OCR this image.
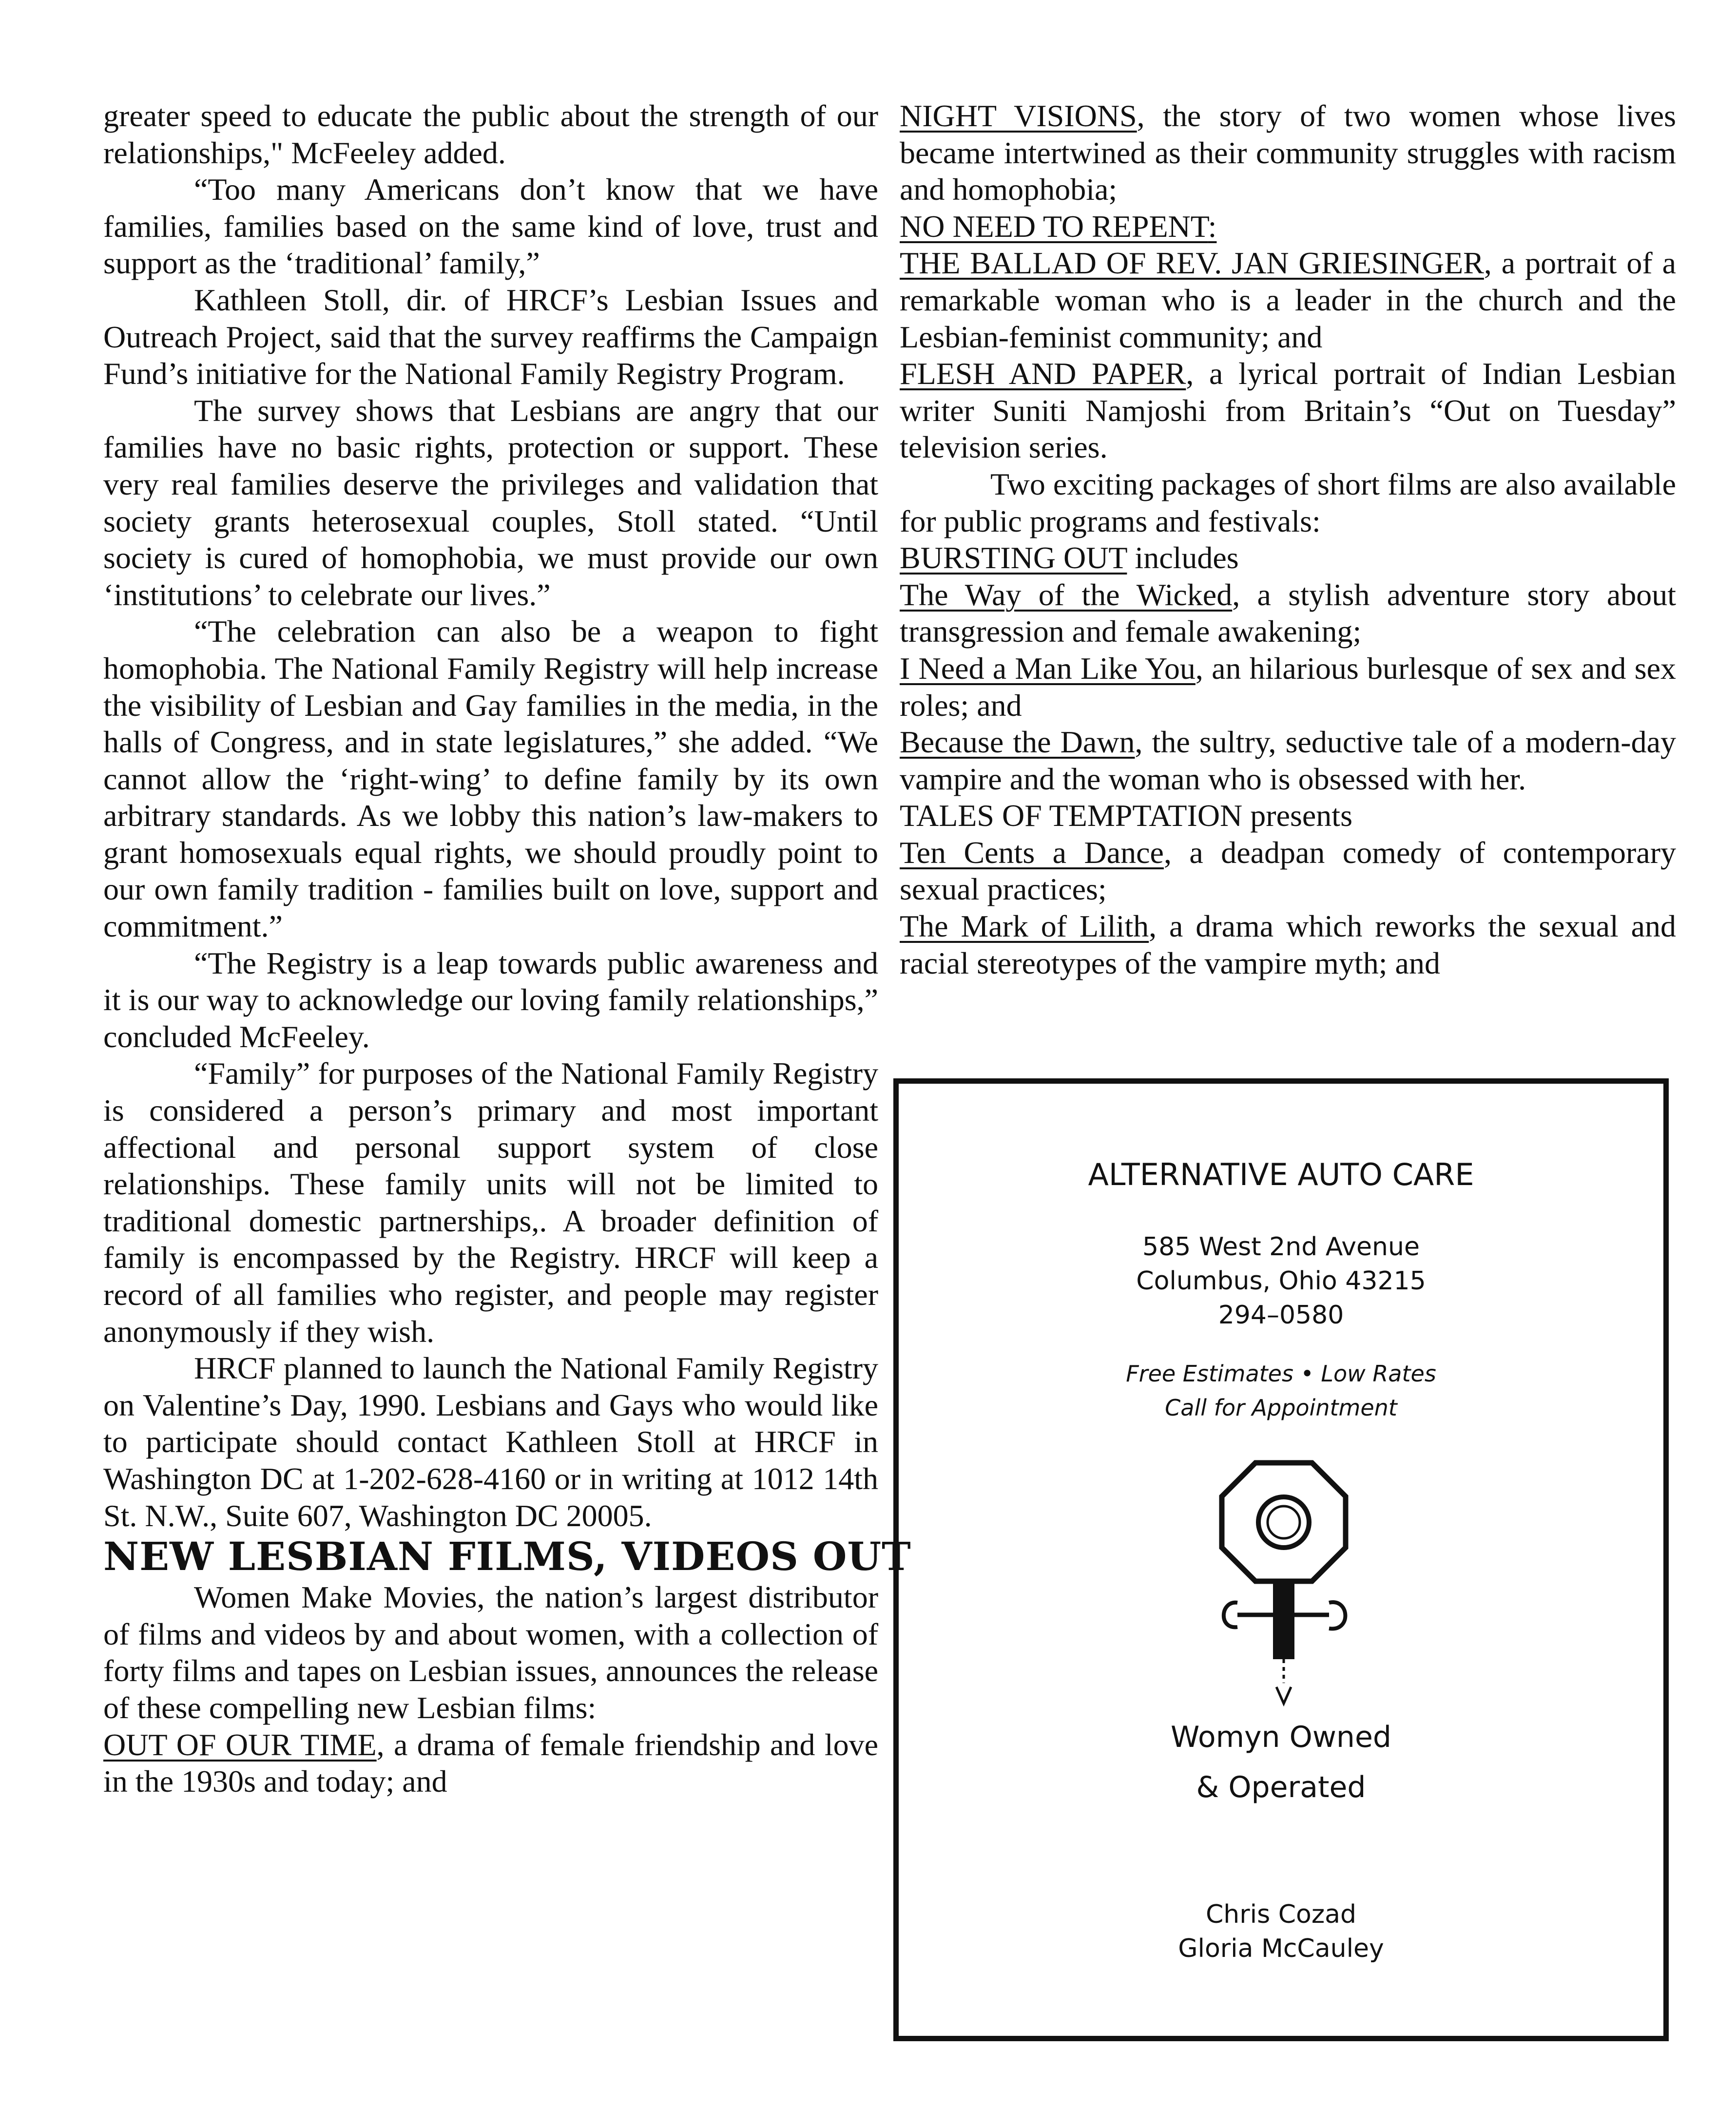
greater speed to educate the public about the strength of our relationships," McFeeley added.

“Too many Americans don’t know that we have families, families based on the same kind of love, trust and support as the ‘traditional’ family,”

Kathleen Stoll, dir. of HRCF’s Lesbian Issues and Outreach Project, said that the survey reaffirms the Campaign Fund’s initiative for the National Family Registry Program.

The survey shows that Lesbians are angry that our families have no basic rights, protection or support. These very real families deserve the privileges and validation that society grants heterosexual couples, Stoll stated. “Until society is cured of homophobia, we must provide our own ‘institutions’ to celebrate our lives.”

“The celebration can also be a weapon to fight homophobia. The National Family Registry will help increase the visibility of Lesbian and Gay families in the media, in the halls of Congress, and in state legislatures,” she added. “We cannot allow the ‘right-wing’ to define family by its own arbitrary standards. As we lobby this nation’s law-makers to grant homosexuals equal rights, we should proudly point to our own family tradition - families built on love, support and commitment.”

“The Registry is a leap towards public awareness and it is our way to acknowledge our loving family relationships,” concluded McFeeley.

“Family” for purposes of the National Family Registry is considered a person’s primary and most important affectional and personal support system of close relationships. These family units will not be limited to traditional domestic partnerships,. A broader definition of family is encompassed by the Registry. HRCF will keep a record of all families who register, and people may register anonymously if they wish.

HRCF planned to launch the National Family Registry on Valentine’s Day, 1990. Lesbians and Gays who would like to participate should contact Kathleen Stoll at HRCF in Washington DC at 1-202-628-4160 or in writing at 1012 14th St. N.W., Suite 607, Washington DC 20005.

NEW LESBIAN FILMS, VIDEOS OUT

Women Make Movies, the nation’s largest distributor of films and videos by and about women, with a collection of forty films and tapes on Lesbian issues, announces the release of these compelling new Lesbian films:

OUT OF OUR TIME, a drama of female friendship and love in the 1930s and today; and

NIGHT VISIONS, the story of two women whose lives became intertwined as their community struggles with racism and homophobia;

NO NEED TO REPENT:
THE BALLAD OF REV. JAN GRIESINGER, a portrait of a remarkable woman who is a leader in the church and the Lesbian-feminist community; and

FLESH AND PAPER, a lyrical portrait of Indian Lesbian writer Suniti Namjoshi from Britain’s “Out on Tuesday” television series.

Two exciting packages of short films are also available for public programs and festivals:

BURSTING OUT includes

The Way of the Wicked, a stylish adventure story about transgression and female awakening;

I Need a Man Like You, an hilarious burlesque of sex and sex roles; and

Because the Dawn, the sultry, seductive tale of a modern-day vampire and the woman who is obsessed with her.

TALES OF TEMPTATION presents

Ten Cents a Dance, a deadpan comedy of contemporary sexual practices;

The Mark of Lilith, a drama which reworks the sexual and racial stereotypes of the vampire myth; and

ALTERNATIVE AUTO CARE
585 West 2nd Avenue
Columbus, Ohio 43215
294–0580
Free Estimates • Low Rates
Call for Appointment
Womyn Owned
& Operated
Chris Cozad
Gloria McCauley
